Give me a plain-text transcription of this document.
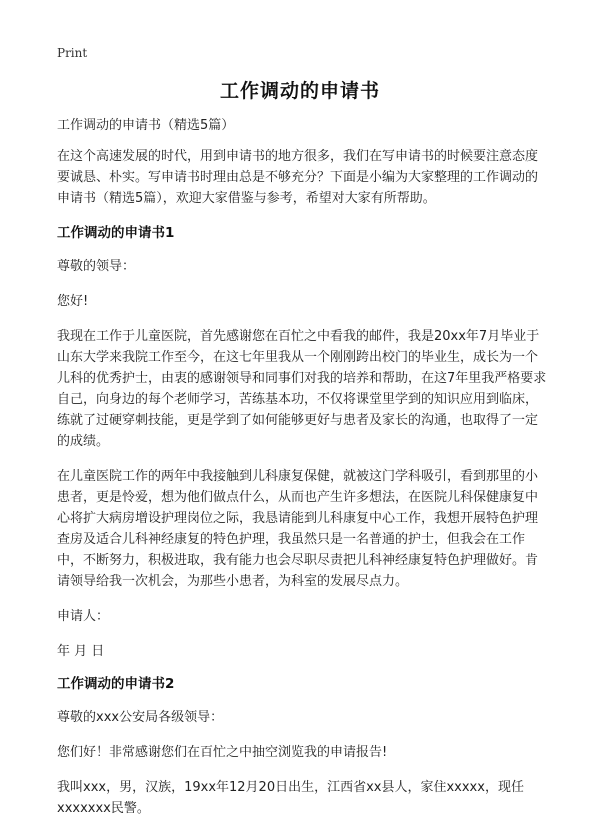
Print
工作调动的申请书

工作调动的申请书（精选5篇）

在这个高速发展的时代，用到申请书的地方很多，我们在写申请书的时候要注意态度要诚恳、朴实。写申请书时理由总是不够充分？下面是小编为大家整理的工作调动的申请书（精选5篇），欢迎大家借鉴与参考，希望对大家有所帮助。

工作调动的申请书1

尊敬的领导：

您好!

我现在工作于儿童医院，首先感谢您在百忙之中看我的邮件，我是20xx年7月毕业于山东大学来我院工作至今，在这七年里我从一个刚刚跨出校门的毕业生，成长为一个儿科的优秀护士，由衷的感谢领导和同事们对我的培养和帮助，在这7年里我严格要求自己，向身边的每个老师学习，苦练基本功，不仅将课堂里学到的知识应用到临床，练就了过硬穿刺技能，更是学到了如何能够更好与患者及家长的沟通，也取得了一定的成绩。

在儿童医院工作的两年中我接触到儿科康复保健，就被这门学科吸引，看到那里的小患者，更是怜爱，想为他们做点什么，从而也产生许多想法，在医院儿科保健康复中心将扩大病房增设护理岗位之际，我恳请能到儿科康复中心工作，我想开展特色护理查房及适合儿科神经康复的特色护理，我虽然只是一名普通的护士，但我会在工作中，不断努力，积极进取，我有能力也会尽职尽责把儿科神经康复特色护理做好。肯请领导给我一次机会，为那些小患者，为科室的发展尽点力。

申请人：

年 月 日

工作调动的申请书2

尊敬的xxx公安局各级领导：

您们好！非常感谢您们在百忙之中抽空浏览我的申请报告!

我叫xxx，男，汉族，19xx年12月20日出生，江西省xx县人，家住xxxxx，现任xxxxxxx民警。
